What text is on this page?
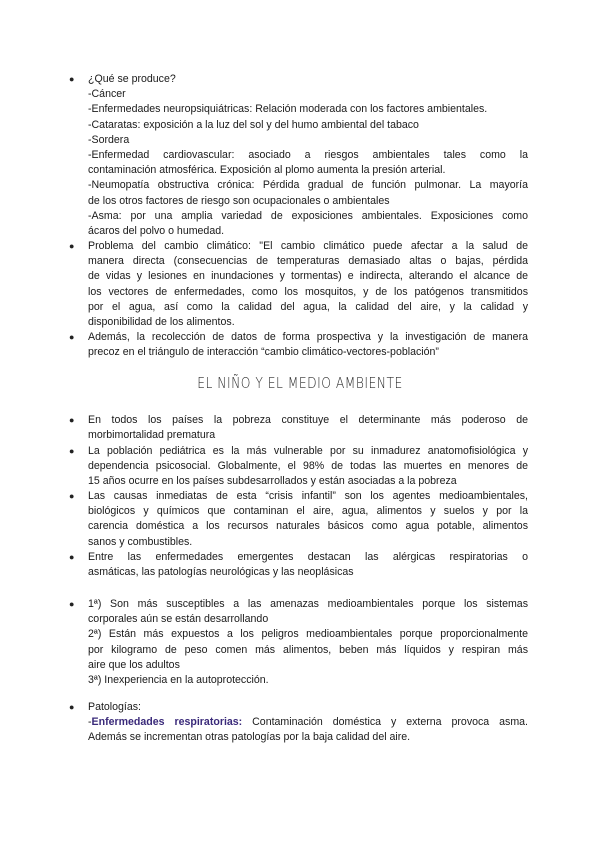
● ¿Qué se produce?
-Cáncer
-Enfermedades neuropsiquiátricas: Relación moderada con los factores ambientales.
-Cataratas: exposición a la luz del sol y del humo ambiental del tabaco
-Sordera
-Enfermedad cardiovascular: asociado a riesgos ambientales tales como la
contaminación atmosférica. Exposición al plomo aumenta la presión arterial.
-Neumopatía obstructiva crónica: Pérdida gradual de función pulmonar. La mayoría
de los otros factores de riesgo son ocupacionales o ambientales
-Asma: por una amplia variedad de exposiciones ambientales. Exposiciones como
ácaros del polvo o humedad.
● Problema del cambio climático: "El cambio climático puede afectar a la salud de
manera directa (consecuencias de temperaturas demasiado altas o bajas, pérdida
de vidas y lesiones en inundaciones y tormentas) e indirecta, alterando el alcance de
los vectores de enfermedades, como los mosquitos, y de los patógenos transmitidos
por el agua, así como la calidad del agua, la calidad del aire, y la calidad y
disponibilidad de los alimentos.
● Además, la recolección de datos de forma prospectiva y la investigación de manera
precoz en el triángulo de interacción “cambio climático-vectores-población”
EL NIÑO Y EL MEDIO AMBIENTE
● En todos los países la pobreza constituye el determinante más poderoso de
morbimortalidad prematura
● La población pediátrica es la más vulnerable por su inmadurez anatomofisiológica y
dependencia psicosocial. Globalmente, el 98% de todas las muertes en menores de
15 años ocurre en los países subdesarrollados y están asociadas a la pobreza
● Las causas inmediatas de esta “crisis infantil” son los agentes medioambientales,
biológicos y químicos que contaminan el aire, agua, alimentos y suelos y por la
carencia doméstica a los recursos naturales básicos como agua potable, alimentos
sanos y combustibles.
● Entre las enfermedades emergentes destacan las alérgicas respiratorias o
asmáticas, las patologías neurológicas y las neoplásicas
● 1ª) Son más susceptibles a las amenazas medioambientales porque los sistemas
corporales aún se están desarrollando
2ª) Están más expuestos a los peligros medioambientales porque proporcionalmente
por kilogramo de peso comen más alimentos, beben más líquidos y respiran más
aire que los adultos
3ª) Inexperiencia en la autoprotección.
● Patologías:
-Enfermedades respiratorias: Contaminación doméstica y externa provoca asma.
Además se incrementan otras patologías por la baja calidad del aire.
